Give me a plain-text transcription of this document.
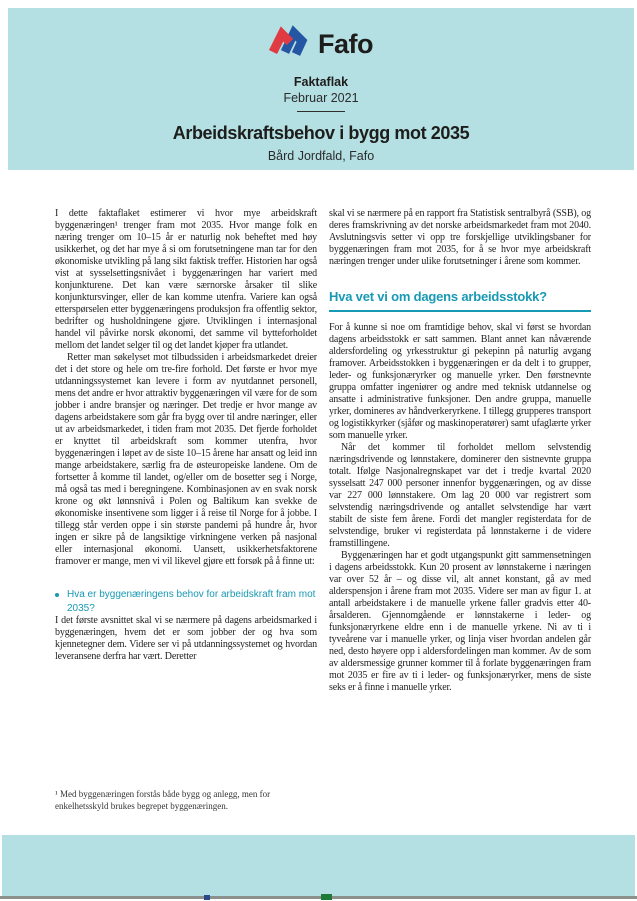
Fafo
Faktaflak
Februar 2021
Arbeidskraftsbehov i bygg mot 2035
Bård Jordfald, Fafo

I dette faktaflaket estimerer vi hvor mye arbeidskraft byggenæringen¹ trenger fram mot 2035. Hvor mange folk en næring trenger om 10–15 år er naturlig nok beheftet med høy usikkerhet, og det har mye å si om forutsetningene man tar for den økonomiske utvikling på lang sikt faktisk treffer. Historien har også vist at sysselsettingsnivået i byggenæringen har variert med konjunkturene. Det kan være særnorske årsaker til slike konjunktursvinger, eller de kan komme utenfra. Variere kan også etterspørselen etter byggenæringens produksjon fra offentlig sektor, bedrifter og husholdningene gjøre. Utviklingen i internasjonal handel vil påvirke norsk økonomi, det samme vil bytteforholdet mellom det landet selger til og det landet kjøper fra utlandet.

Retter man søkelyset mot tilbudssiden i arbeidsmarkedet dreier det i det store og hele om tre-fire forhold. Det første er hvor mye utdanningssystemet kan levere i form av nyutdannet personell, mens det andre er hvor attraktiv byggenæringen vil være for de som jobber i andre bransjer og næringer. Det tredje er hvor mange av dagens arbeidstakere som går fra bygg over til andre næringer, eller ut av arbeidsmarkedet, i tiden fram mot 2035. Det fjerde forholdet er knyttet til arbeidskraft som kommer utenfra, hvor byggenæringen i løpet av de siste 10–15 årene har ansatt og leid inn mange arbeidstakere, særlig fra de østeuropeiske landene. Om de fortsetter å komme til landet, og/eller om de bosetter seg i Norge, må også tas med i beregningene. Kombinasjonen av en svak norsk krone og økt lønnsnivå i Polen og Baltikum kan svekke de økonomiske insentivene som ligger i å reise til Norge for å jobbe. I tillegg står verden oppe i sin største pandemi på hundre år, hvor ingen er sikre på de langsiktige virkningene verken på nasjonal eller internasjonal økonomi. Uansett, usikkerhetsfaktorene framover er mange, men vi vil likevel gjøre ett forsøk på å finne ut:

Hva er byggenæringens behov for arbeidskraft fram mot 2035?

I det første avsnittet skal vi se nærmere på dagens arbeidsmarked i byggenæringen, hvem det er som jobber der og hva som kjennetegner dem. Videre ser vi på utdanningssystemet og hvordan leveransene derfra har vært. Deretter

skal vi se nærmere på en rapport fra Statistisk sentralbyrå (SSB), og deres framskrivning av det norske arbeidsmarkedet fram mot 2040. Avslutningsvis setter vi opp tre forskjellige utviklingsbaner for byggenæringen fram mot 2035, for å se hvor mye arbeidskraft næringen trenger under ulike forutsetninger i årene som kommer.

Hva vet vi om dagens arbeidsstokk?

For å kunne si noe om framtidige behov, skal vi først se hvordan dagens arbeidsstokk er satt sammen. Blant annet kan nåværende aldersfordeling og yrkesstruktur gi pekepinn på naturlig avgang framover. Arbeidsstokken i byggenæringen er da delt i to grupper, leder- og funksjonæryrker og manuelle yrker. Den førstnevnte gruppa omfatter ingeniører og andre med teknisk utdannelse og ansatte i administrative funksjoner. Den andre gruppa, manuelle yrker, domineres av håndverkeryrkene. I tillegg grupperes transport og logistikkyrker (sjåfør og maskinoperatører) samt ufaglærte yrker som manuelle yrker.

Når det kommer til forholdet mellom selvstendig næringsdrivende og lønnstakere, dominerer den sistnevnte gruppa totalt. Ifølge Nasjonalregnskapet var det i tredje kvartal 2020 sysselsatt 247 000 personer innenfor byggenæringen, og av disse var 227 000 lønnstakere. Om lag 20 000 var registrert som selvstendig næringsdrivende og antallet selvstendige har vært stabilt de siste fem årene. Fordi det mangler registerdata for de selvstendige, bruker vi registerdata på lønnstakerne i de videre framstillingene.

Byggenæringen har et godt utgangspunkt gitt sammensetningen i dagens arbeidsstokk. Kun 20 prosent av lønnstakerne i næringen var over 52 år – og disse vil, alt annet konstant, gå av med alderspensjon i årene fram mot 2035. Videre ser man av figur 1. at antall arbeidstakere i de manuelle yrkene faller gradvis etter 40-årsalderen. Gjennomgående er lønnstakerne i leder- og funksjonæryrkene eldre enn i de manuelle yrkene. Ni av ti i tyveårene var i manuelle yrker, og linja viser hvordan andelen går ned, desto høyere opp i aldersfordelingen man kommer. Av de som av aldersmessige grunner kommer til å forlate byggenæringen fram mot 2035 er fire av ti i leder- og funksjonæryrker, mens de siste seks er å finne i manuelle yrker.

¹ Med byggenæringen forstås både bygg og anlegg, men for enkelhetsskyld brukes begrepet byggenæringen.
